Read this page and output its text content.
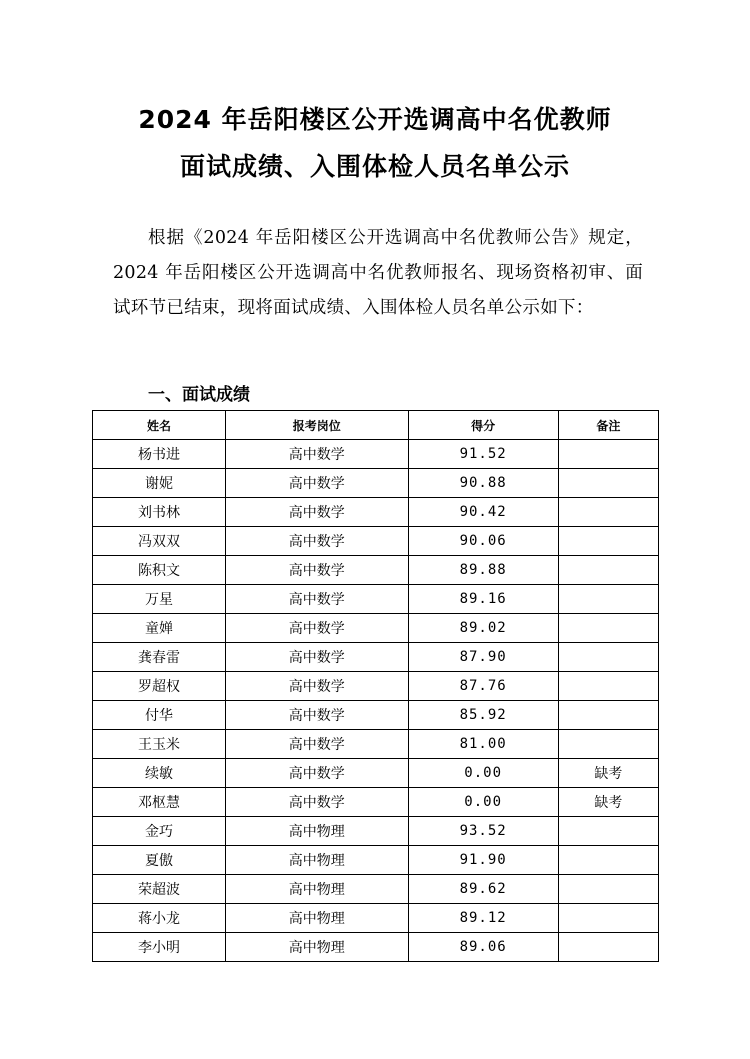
2024 年岳阳楼区公开选调高中名优教师
面试成绩、入围体检人员名单公示

根据《2024 年岳阳楼区公开选调高中名优教师公告》规定，2024 年岳阳楼区公开选调高中名优教师报名、现场资格初审、面试环节已结束，现将面试成绩、入围体检人员名单公示如下：

一、面试成绩
姓名	报考岗位	得分	备注
杨书进	高中数学	91.52	
谢妮	高中数学	90.88	
刘书林	高中数学	90.42	
冯双双	高中数学	90.06	
陈积文	高中数学	89.88	
万星	高中数学	89.16	
童婵	高中数学	89.02	
龚春雷	高中数学	87.90	
罗超权	高中数学	87.76	
付华	高中数学	85.92	
王玉米	高中数学	81.00	
续敏	高中数学	0.00	缺考
邓枢慧	高中数学	0.00	缺考
金巧	高中物理	93.52	
夏傲	高中物理	91.90	
荣超波	高中物理	89.62	
蒋小龙	高中物理	89.12	
李小明	高中物理	89.06	
